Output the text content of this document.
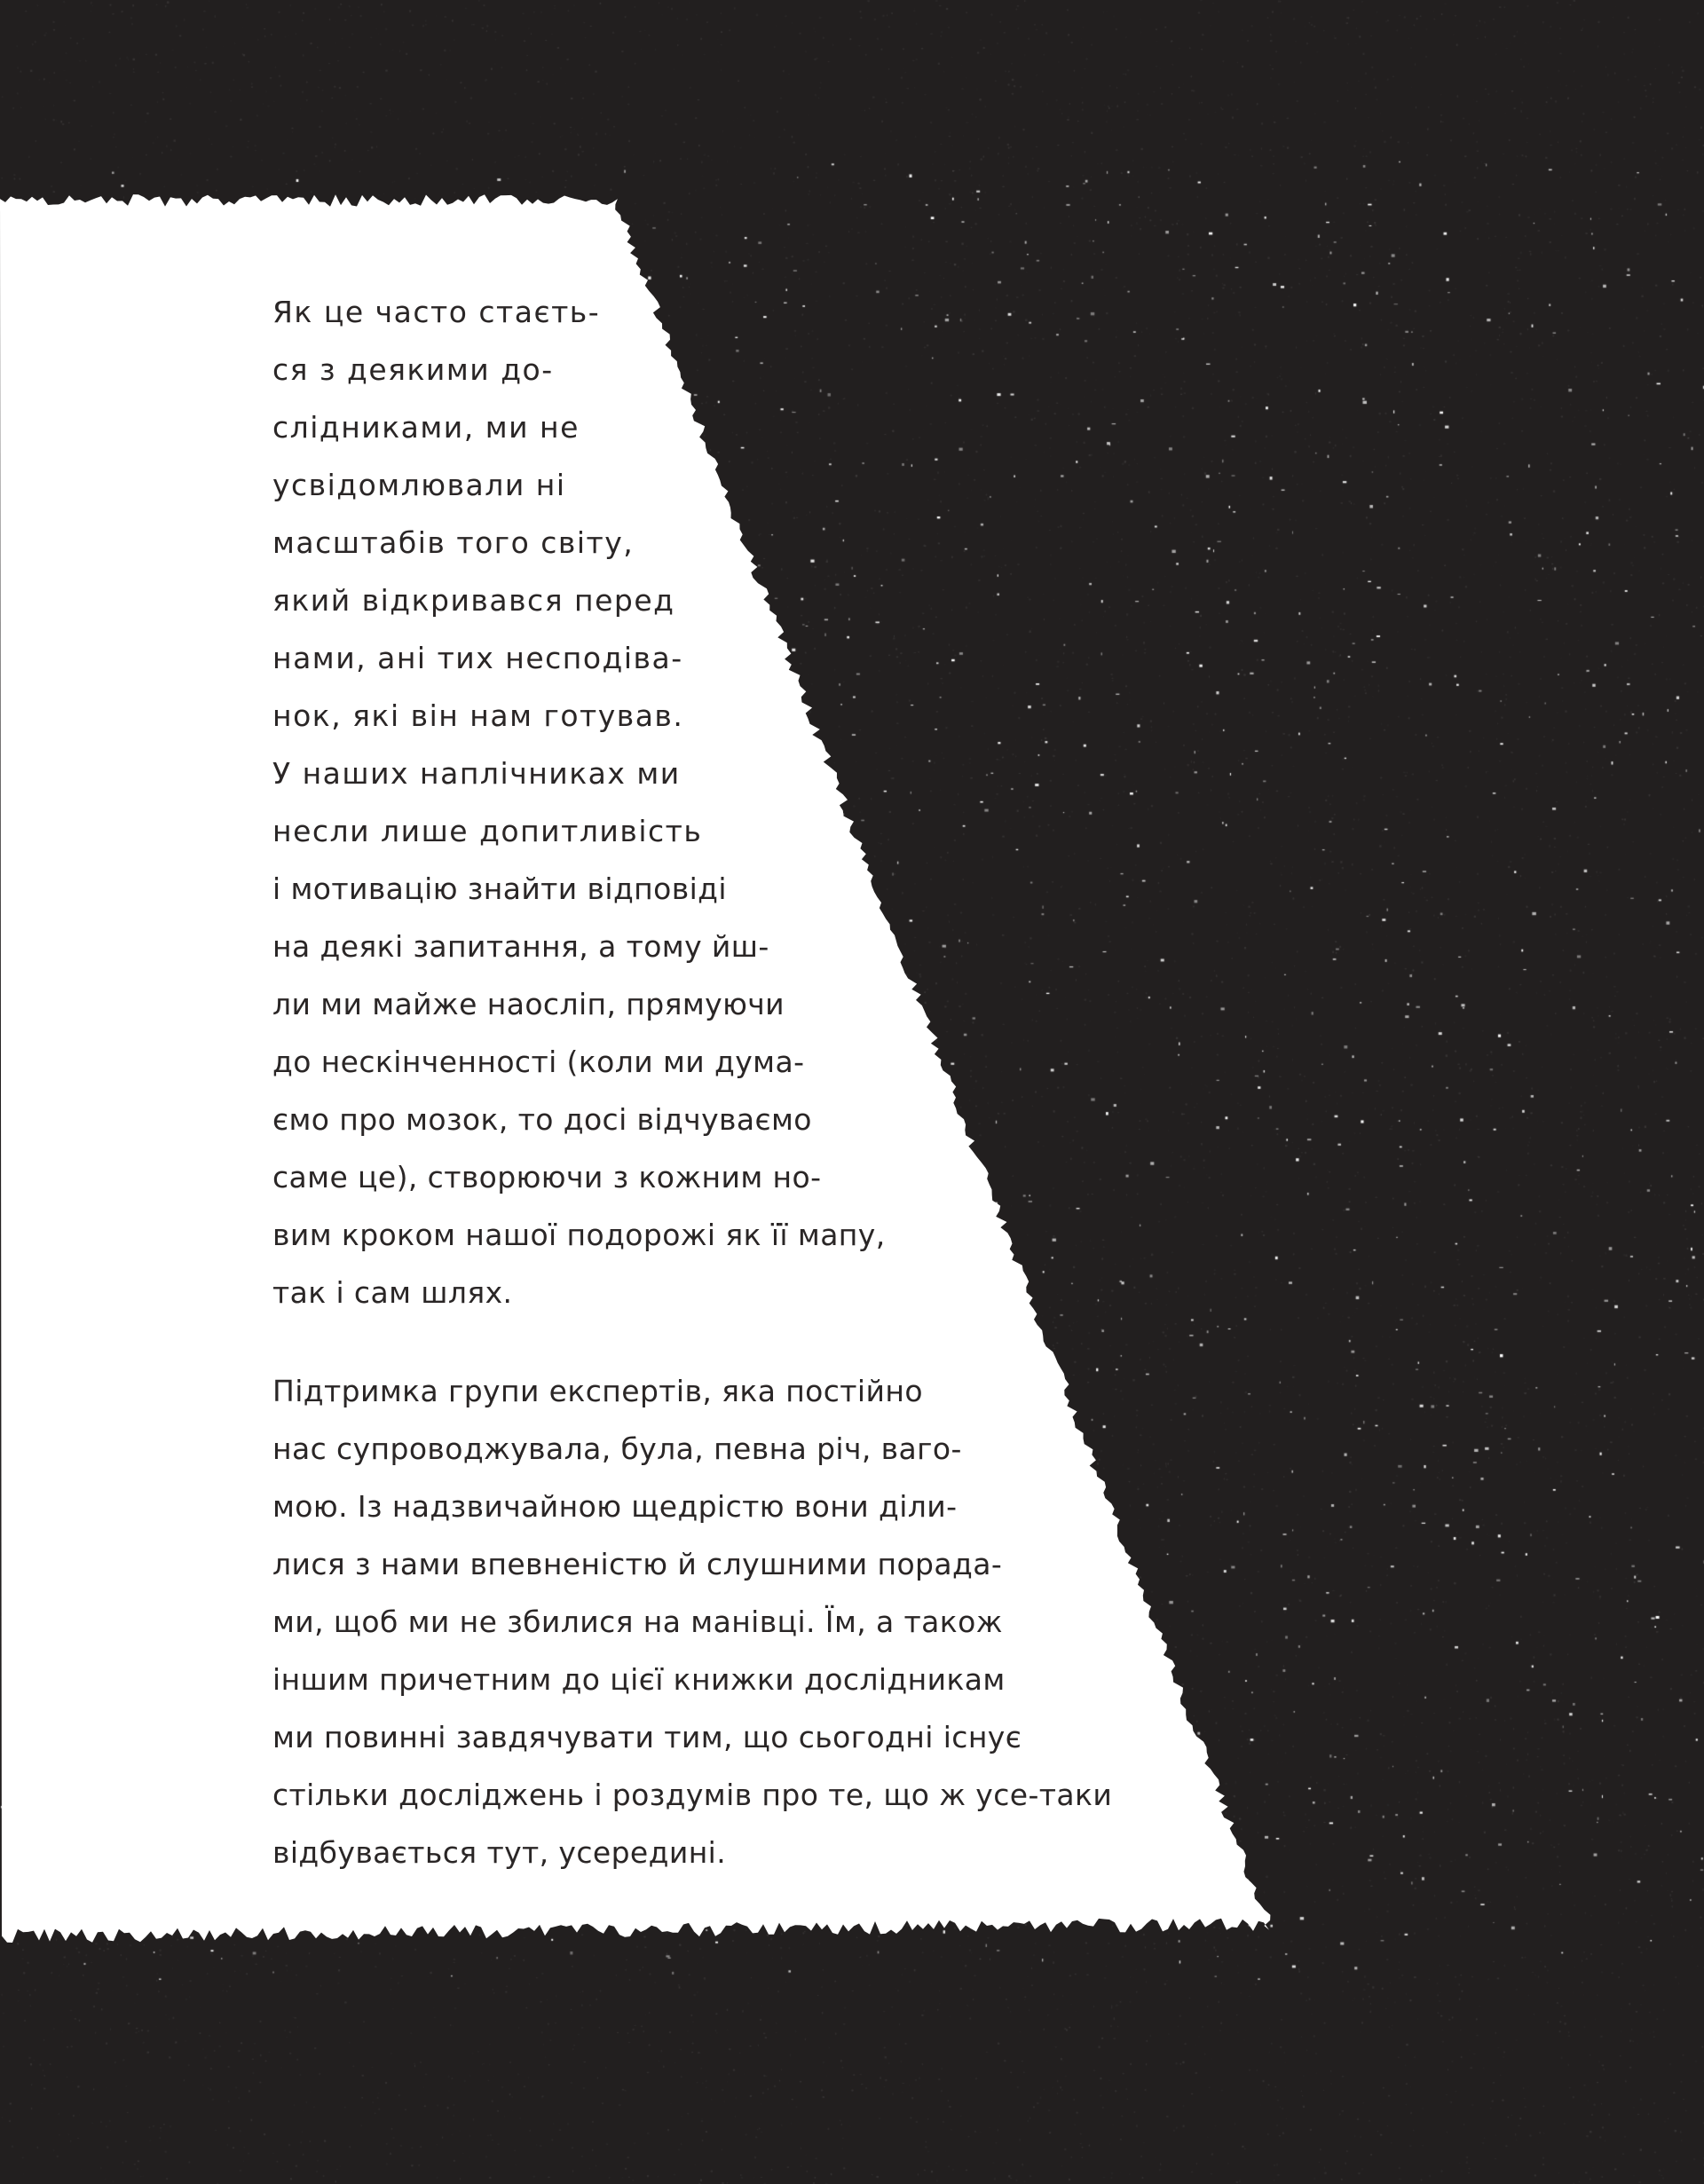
Як це часто стаєть-

ся з деякими до-

слідниками, ми не

усвідомлювали ні

масштабів того світу,

який відкривався перед

нами, ані тих несподіва-

нок, які він нам готував.

У наших наплічниках ми

несли лише допитливість

і мотивацію знайти відповіді

на деякі запитання, а тому йш-

ли ми майже наосліп, прямуючи

до нескінченності (коли ми дума-

ємо про мозок, то досі відчуваємо

саме це), створюючи з кожним но-

вим кроком нашої подорожі як її мапу,

так і сам шлях.

Підтримка групи експертів, яка постійно

нас супроводжувала, була, певна річ, ваго-

мою. Із надзвичайною щедрістю вони діли-

лися з нами впевненістю й слушними порада-

ми, щоб ми не збилися на манівці. Їм, а також

іншим причетним до цієї книжки дослідникам

ми повинні завдячувати тим, що сьогодні існує

стільки досліджень і роздумів про те, що ж усе-таки

відбувається тут, усередині.
